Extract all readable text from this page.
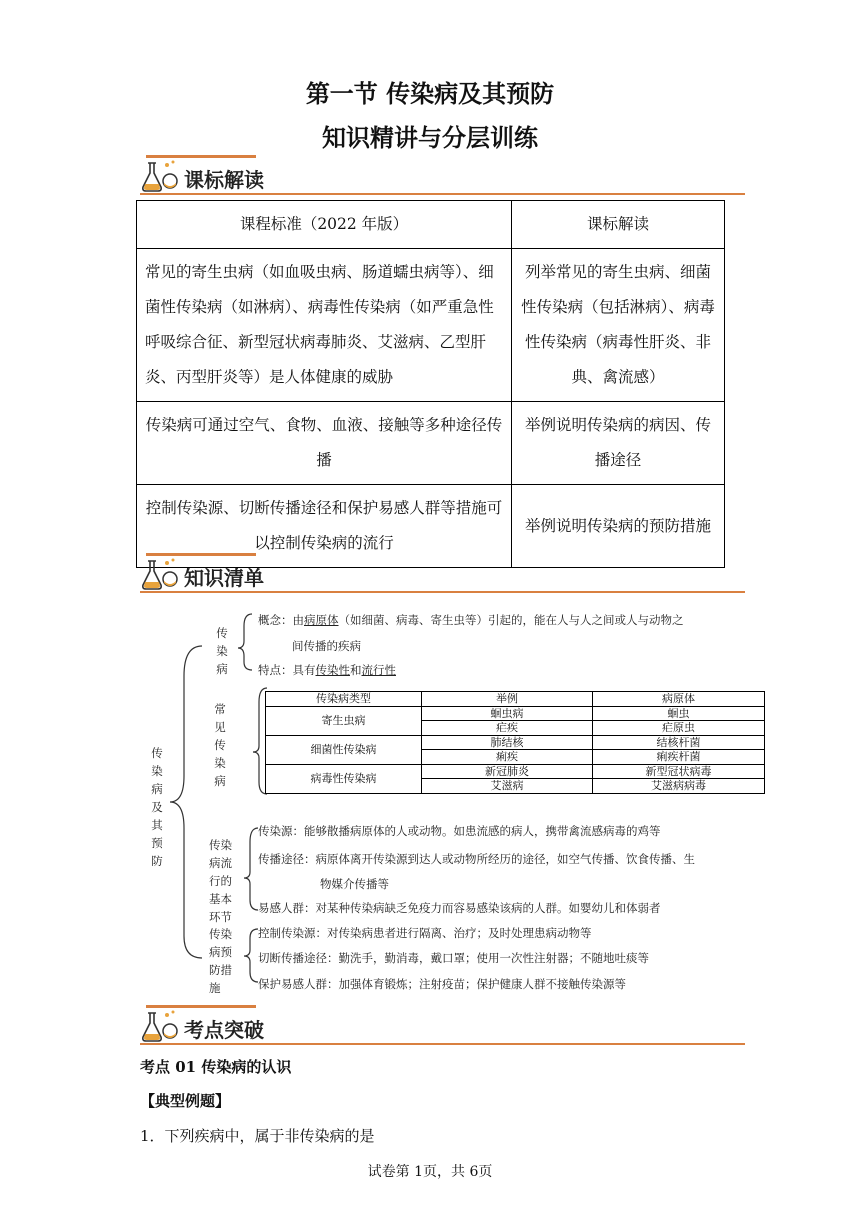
第一节 传染病及其预防
知识精讲与分层训练
课标解读
课程标准（2022 年版）	课标解读
常见的寄生虫病（如血吸虫病、肠道蠕虫病等）、细菌性传染病（如淋病）、病毒性传染病（如严重急性呼吸综合征、新型冠状病毒肺炎、艾滋病、乙型肝炎、丙型肝炎等）是人体健康的威胁	列举常见的寄生虫病、细菌性传染病（包括淋病）、病毒性传染病（病毒性肝炎、非典、禽流感）
传染病可通过空气、食物、血液、接触等多种途径传播	举例说明传染病的病因、传播途径
控制传染源、切断传播途径和保护易感人群等措施可以控制传染病的流行	举例说明传染病的预防措施
知识清单
传染病及其预防
传染病
常见传染病
传染病流行的基本环节
传染病预防措施
概念：由病原体（如细菌、病毒、寄生虫等）引起的，能在人与人之间或人与动物之
间传播的疾病
特点：具有传染性和流行性
传染病类型	举例	病原体
寄生虫病	蛔虫病	蛔虫
	疟疾	疟原虫
细菌性传染病	肺结核	结核杆菌
	痢疾	痢疾杆菌
病毒性传染病	新冠肺炎	新型冠状病毒
	艾滋病	艾滋病病毒
传染源：能够散播病原体的人或动物。如患流感的病人，携带禽流感病毒的鸡等
传播途径：病原体离开传染源到达人或动物所经历的途径，如空气传播、饮食传播、生
物媒介传播等
易感人群：对某种传染病缺乏免疫力而容易感染该病的人群。如婴幼儿和体弱者
控制传染源：对传染病患者进行隔离、治疗；及时处理患病动物等
切断传播途径：勤洗手，勤消毒，戴口罩；使用一次性注射器；不随地吐痰等
保护易感人群：加强体育锻炼；注射疫苗；保护健康人群不接触传染源等
考点突破
考点 01 传染病的认识
【典型例题】
1．下列疾病中，属于非传染病的是
试卷第 1页，共 6页
